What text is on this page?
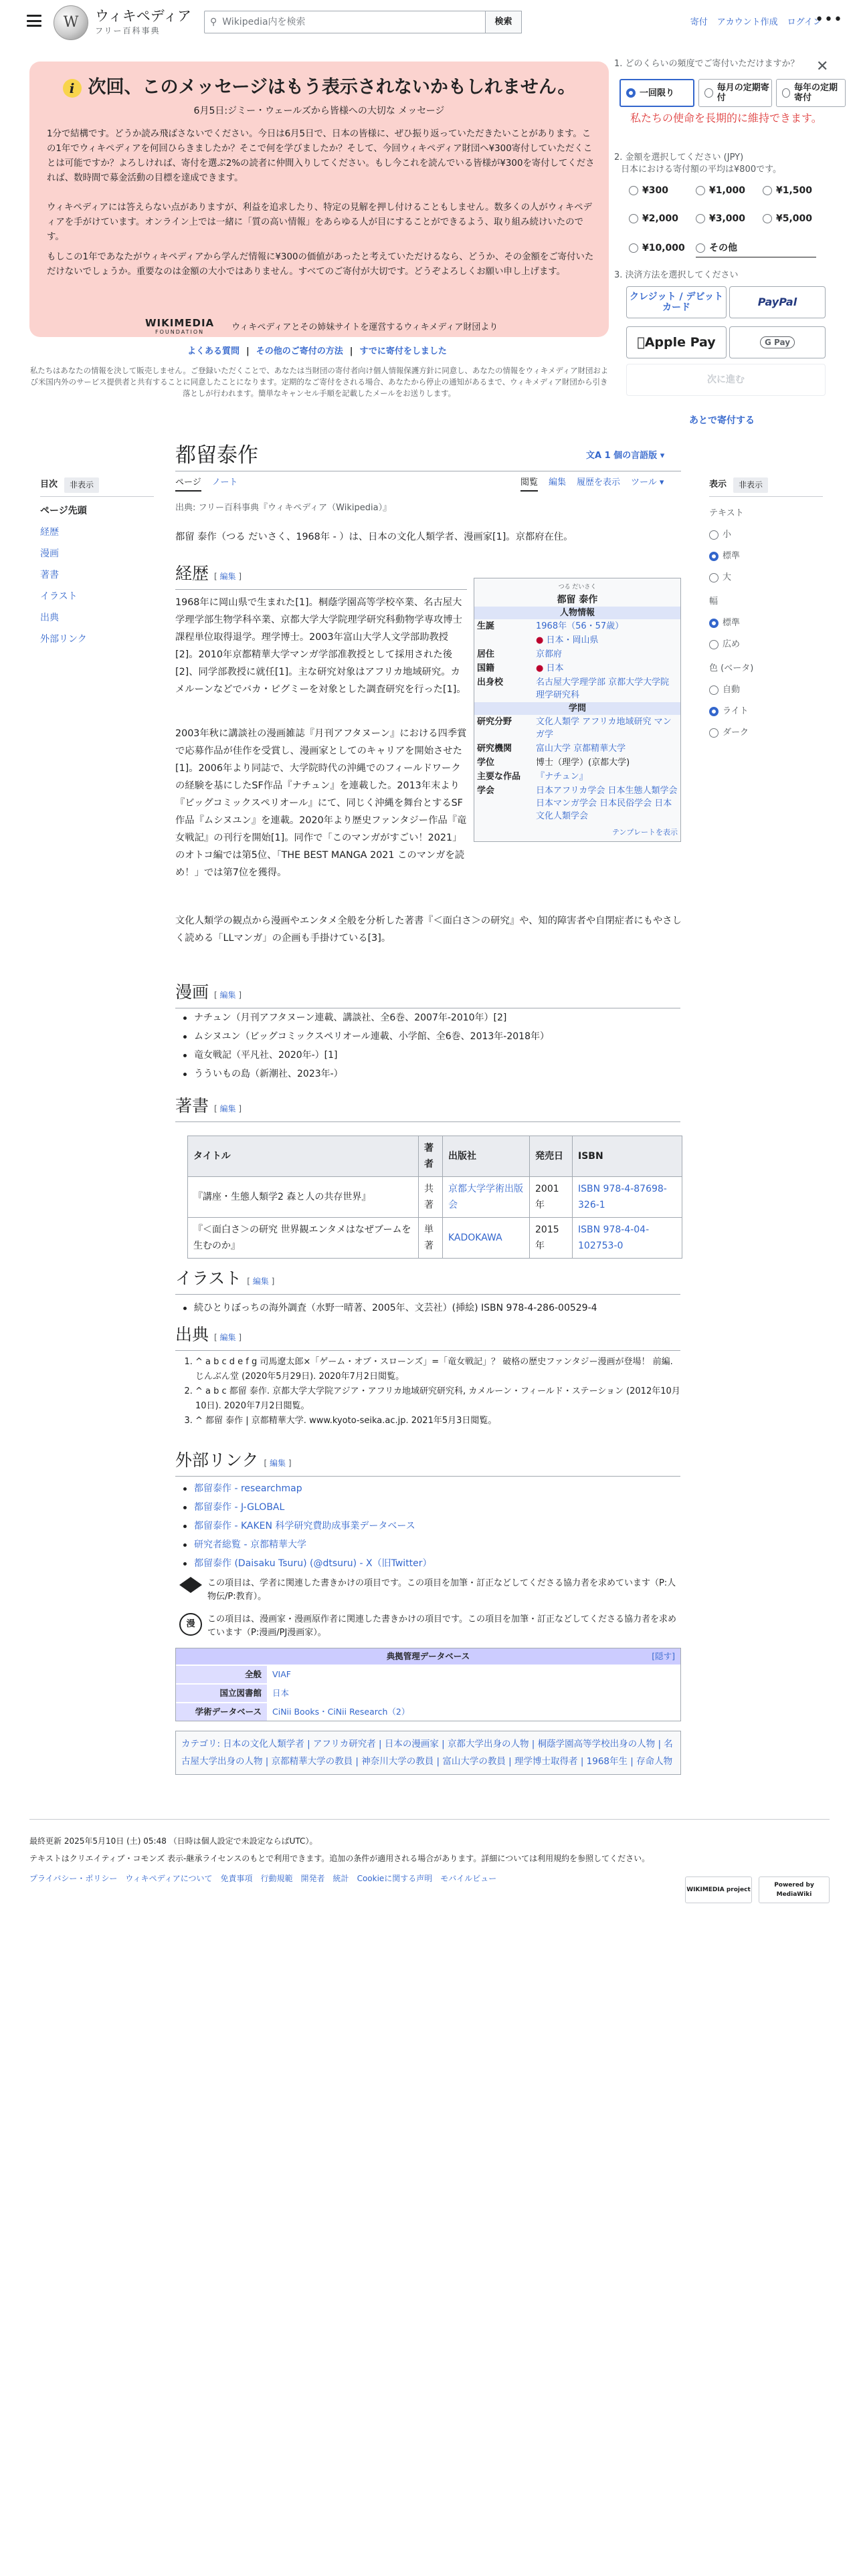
W	ウィキペディア
フリー百科事典
⚲ Wikipedia内を検索	検索	寄付 アカウント作成 ログイン
•••
i 次回、このメッセージはもう表示されないかもしれません。
6月5日:ジミー・ウェールズから皆様への大切な メッセージ
1分で結構です。どうか読み飛ばさないでください。今日は6月5日で、日本の皆様に、ぜひ振り返っていただきたいことがあります。この1年でウィキペディアを何回ひらきましたか？そこで何を学びましたか？そして、今回ウィキペディア財団へ¥300寄付していただくことは可能ですか？よろしければ、寄付を選ぶ2%の読者に仲間入りしてください。もし今これを読んでいる皆様が¥300を寄付してくだされば、数時間で募金活動の目標を達成できます。
ウィキペディアには答えらない点がありますが、利益を追求したり、特定の見解を押し付けることもしません。数多くの人がウィキペディアを手がけています。オンライン上では一緒に「質の高い情報」をあらゆる人が目にすることができるよう、取り組み続けいたのです。
もしこの1年であなたがウィキペディアから学んだ情報に¥300の価値があったと考えていただけるなら、どうか、その金額をご寄付いただけないでしょうか。重要なのは金額の大小ではありません。すべてのご寄付が大切です。どうぞよろしくお願い申し上げます。
WIKIMEDIA
FOUNDATION	ウィキペディアとその姉妹サイトを運営するウィキメディア財団より
よくある質問 | その他のご寄付の方法 | すでに寄付をしました
私たちはあなたの情報を決して販売しません。ご登録いただくことで、あなたは当財団の寄付者向け個人情報保護方針に同意し、あなたの情報をウィキメディア財団および米国内外のサービス提供者と共有することに同意したことになります。定期的なご寄付をされる場合、あなたから停止の通知があるまで、ウィキメディア財団から引き落としが行われます。簡単なキャンセル手順を記載したメールをお送りします。
1. どのくらいの頻度でご寄付いただけますか？ ✕
一回限り	毎月の定期寄付
毎年の定期寄付
私たちの使命を長期的に維持できます。
2. 金額を選択してください (JPY)
日本における寄付額の平均は¥800です。
¥300	¥1,000	¥1,500
¥2,000	¥3,000	¥5,000
¥10,000	その他
3. 決済方法を選択してください
クレジット / デビットカード	PayPal
Apple Pay	G Pay
次に進む
あとで寄付する
目次	非表示
ページ先頭
経歴
漫画
著書
イラスト
出典
外部リンク
表示	非表示
テキスト
小
標準
大
幅
標準
広め
色 (ベータ)
自動
ライト
ダーク
都留泰作	文A 1 個の言語版 ▾
ページ ノート	閲覧 編集 履歴を表示 ツール ▾
出典: フリー百科事典『ウィキペディア（Wikipedia）』
都留 泰作（つる だいさく、1968年 - ）は、日本の文化人類学者、漫画家[1]。京都府在住。
つる だいさく
都留 泰作
人物情報
生誕	1968年（56・57歳）
● 日本・岡山県
居住	京都府
国籍	● 日本
出身校	名古屋大学理学部 京都大学大学院理学研究科
学問
研究分野	文化人類学 アフリカ地域研究 マンガ学
研究機関	富山大学 京都精華大学
学位	博士（理学）(京都大学)
主要な作品	『ナチュン』
学会	日本アフリカ学会 日本生態人類学会 日本マンガ学会 日本民俗学会 日本文化人類学会
テンプレートを表示
経歴 [ 編集 ]
1968年に岡山県で生まれた[1]。桐蔭学園高等学校卒業、名古屋大学理学部生物学科卒業、京都大学大学院理学研究科動物学専攻博士課程単位取得退学。理学博士。2003年富山大学人文学部助教授[2]。2010年京都精華大学マンガ学部准教授として採用された後[2]、同学部教授に就任[1]。主な研究対象はアフリカ地域研究。カメルーンなどでバカ・ピグミーを対象とした調査研究を行った[1]。
2003年秋に講談社の漫画雑誌『月刊アフタヌーン』における四季賞で応募作品が佳作を受賞し、漫画家としてのキャリアを開始させた[1]。2006年より同誌で、大学院時代の沖縄でのフィールドワークの経験を基にしたSF作品『ナチュン』を連載した。2013年末より『ビッグコミックスペリオール』にて、同じく沖縄を舞台とするSF作品『ムシヌユン』を連載。2020年より歴史ファンタジー作品『竜女戦記』の刊行を開始[1]。同作で「このマンガがすごい！2021」のオトコ編では第5位、「THE BEST MANGA 2021 このマンガを読め！」では第7位を獲得。
文化人類学の観点から漫画やエンタメ全般を分析した著書『＜面白さ＞の研究』や、知的障害者や自閉症者にもやさしく読める「LLマンガ」の企画も手掛けている[3]。
漫画 [ 編集 ]
ナチュン（月刊アフタヌーン連載、講談社、全6巻、2007年-2010年）[2]
ムシヌユン（ビッグコミックスペリオール連載、小学館、全6巻、2013年-2018年）
竜女戦記（平凡社、2020年-）[1]
うういもの島（新潮社、2023年-）
著書 [ 編集 ]
タイトル	著者	出版社	発売日	ISBN
『講座・生態人類学2 森と人の共存世界』	共著	京都大学学術出版会	2001年	ISBN 978-4-87698-326-1
『＜面白さ＞の研究 世界観エンタメはなぜブームを生むのか』	単著	KADOKAWA	2015年	ISBN 978-4-04-102753-0
イラスト [ 編集 ]
続ひとりぼっちの海外調査（水野一晴著、2005年、文芸社）(挿絵) ISBN 978-4-286-00529-4
出典 [ 編集 ]
1. ^ a b c d e f g 司馬遼太郎×「ゲーム・オブ・スローンズ」=「竜女戦記」？ 破格の歴史ファンタジー漫画が登場！ 前編. じんぶん堂 (2020年5月29日). 2020年7月2日閲覧。
2. ^ a b c 都留 泰作. 京都大学大学院アジア・アフリカ地域研究研究科, カメルーン・フィールド・ステーション (2012年10月10日). 2020年7月2日閲覧。
3. ^ 都留 泰作 | 京都精華大学. www.kyoto-seika.ac.jp. 2021年5月3日閲覧。
外部リンク [ 編集 ]
都留泰作 - researchmap
都留泰作 - J-GLOBAL
都留泰作 - KAKEN 科学研究費助成事業データベース
研究者総覧 - 京都精華大学
都留泰作 (Daisaku Tsuru) (@dtsuru) - X（旧Twitter）
この項目は、学者に関連した書きかけの項目です。この項目を加筆・訂正などしてくださる協力者を求めています（P:人物伝/P:教育）。
漫	この項目は、漫画家・漫画原作者に関連した書きかけの項目です。この項目を加筆・訂正などしてくださる協力者を求めています（P:漫画/PJ漫画家）。
典拠管理データベース	[隠す]
全般	VIAF
国立図書館	日本
学術データベース	CiNii Books・CiNii Research（2）
カテゴリ: 日本の文化人類学者 | アフリカ研究者 | 日本の漫画家 | 京都大学出身の人物 | 桐蔭学園高等学校出身の人物 | 名古屋大学出身の人物 | 京都精華大学の教員 | 神奈川大学の教員 | 富山大学の教員 | 理学博士取得者 | 1968年生 | 存命人物
最終更新 2025年5月10日 (土) 05:48 （日時は個人設定で未設定ならばUTC）。
テキストはクリエイティブ・コモンズ 表示-継承ライセンスのもとで利用できます。追加の条件が適用される場合があります。詳細については利用規約を参照してください。
プライバシー・ポリシー ウィキペディアについて 免責事項 行動規範 開発者 統計 Cookieに関する声明 モバイルビュー
WIKIMEDIA project
Powered by MediaWiki
